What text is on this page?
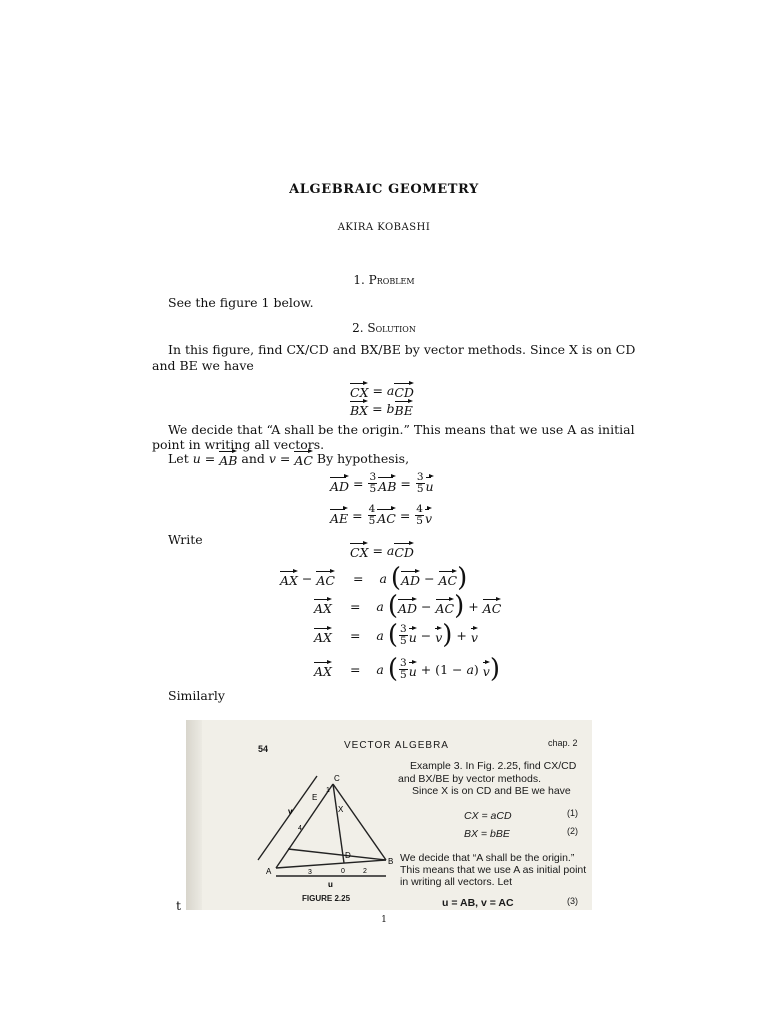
ALGEBRAIC GEOMETRY
AKIRA KOBASHI
1. Problem
See the figure 1 below.
2. Solution
In this figure, find CX/CD and BX/BE by vector methods. Since X is on CD
and BE we have
CX = a CD
BX = b BE
We decide that “A shall be the origin.” This means that we use A as initial
point in writing all vectors.
Let u = AB and v = AC By hypothesis,
AD = $\frac{3}{5}$ AB = $\frac{3}{5}$ u
AE = $\frac{4}{5}$ AC = $\frac{4}{5}$ v
Write
CX = a CD
AX − AC = a
( AD − AC )
AX = a
( AD − AC ) + AC
AX = a
( $\frac{3}{5}$ u − v ) + v
AX = a
( $\frac{3}{5}$ u + (1 − a ) v )
Similarly
t
54	VECTOR ALGEBRA	chap. 2
Example 3. In Fig. 2.25, find CX/CD
and BX/BE by vector methods.
Since X is on CD and BE we have
CX = aCD	(1)
BX = bBE	(2)
We decide that “A shall be the origin.”
This means that we use A as initial point
in writing all vectors. Let
u = AB, v = AC	(3)
FIGURE 2.25
A
B
C
D
E
X
v
u
1
4
3	0	2
1
